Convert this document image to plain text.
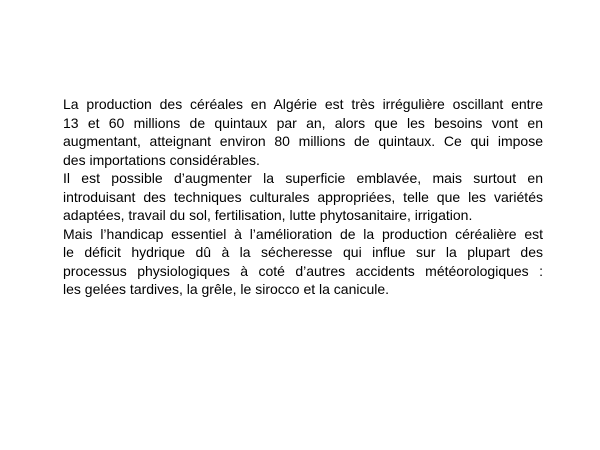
La production des céréales en Algérie est très irrégulière oscillant entre
13 et 60 millions de quintaux par an, alors que les besoins vont en
augmentant, atteignant environ 80 millions de quintaux. Ce qui impose
des importations considérables.
Il est possible d’augmenter la superficie emblavée, mais surtout en
introduisant des techniques culturales appropriées, telle que les variétés
adaptées, travail du sol, fertilisation, lutte phytosanitaire, irrigation.
Mais l’handicap essentiel à l’amélioration de la production céréalière est
le déficit hydrique dû à la sécheresse qui influe sur la plupart des
processus physiologiques à coté d’autres accidents météorologiques :
les gelées tardives, la grêle, le sirocco et la canicule.
